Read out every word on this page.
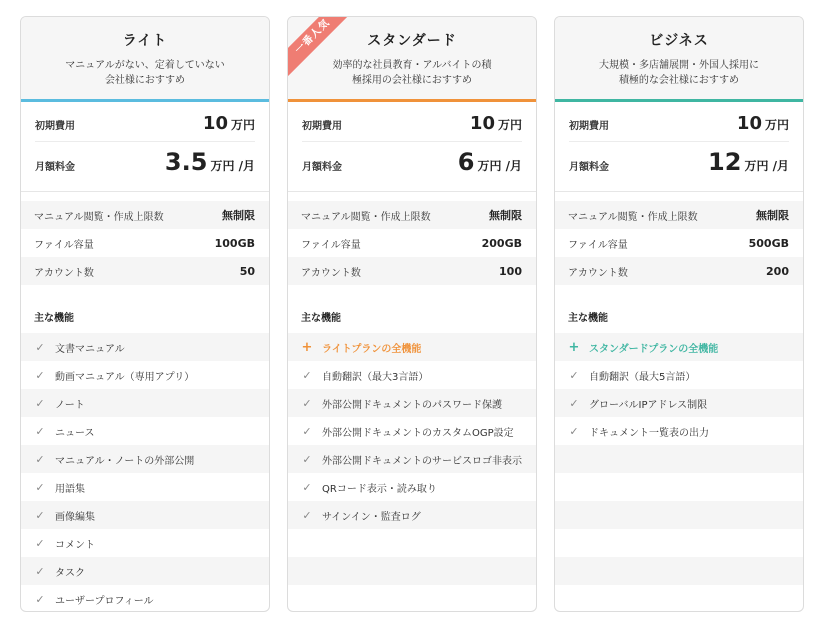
ライト
マニュアルがない、定着していない
会社様におすすめ
初期費用	10 万円
月額料金	3.5 万円 /月
マニュアル閲覧・作成上限数	無制限
ファイル容量	100GB
アカウント数	50
主な機能
✓ 文書マニュアル
✓ 動画マニュアル（専用アプリ）
✓ ノート
✓ ニュース
✓ マニュアル・ノートの外部公開
✓ 用語集
✓ 画像編集
✓ コメント
✓ タスク
✓ ユーザープロフィール
一番人気	スタンダード
効率的な社員教育・アルバイトの積
極採用の会社様におすすめ
初期費用	10 万円
月額料金	6 万円 /月
マニュアル閲覧・作成上限数	無制限
ファイル容量	200GB
アカウント数	100
主な機能
+ ライトプランの全機能
✓ 自動翻訳（最大3言語）
✓ 外部公開ドキュメントのパスワード保護
✓ 外部公開ドキュメントのカスタムOGP設定
✓ 外部公開ドキュメントのサービスロゴ非表示
✓ QRコード表示・読み取り
✓ サインイン・監査ログ
ビジネス
大規模・多店舗展開・外国人採用に
積極的な会社様におすすめ
初期費用	10 万円
月額料金	12 万円 /月
マニュアル閲覧・作成上限数	無制限
ファイル容量	500GB
アカウント数	200
主な機能
+ スタンダードプランの全機能
✓ 自動翻訳（最大5言語）
✓ グローバルIPアドレス制限
✓ ドキュメント一覧表の出力
